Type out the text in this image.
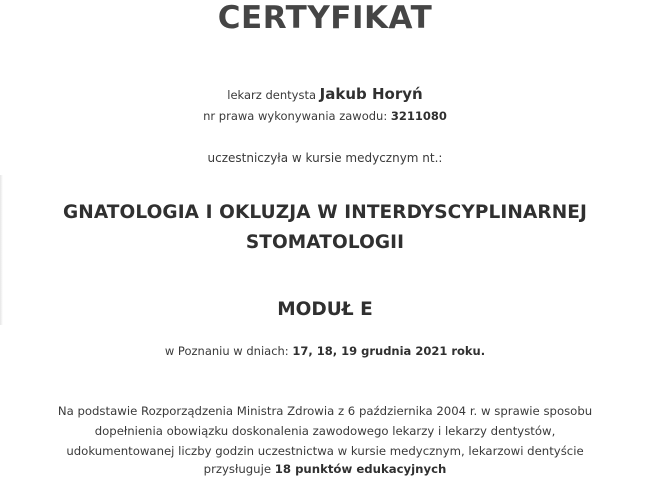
CERTYFIKAT
lekarz dentysta Jakub Horyń
nr prawa wykonywania zawodu: 3211080
uczestniczyła w kursie medycznym nt.:
GNATOLOGIA I OKLUZJA W INTERDYSCYPLINARNEJ
STOMATOLOGII
MODUŁ E
w Poznaniu w dniach: 17, 18, 19 grudnia 2021 roku.
Na podstawie Rozporządzenia Ministra Zdrowia z 6 października 2004 r. w sprawie sposobu
dopełnienia obowiązku doskonalenia zawodowego lekarzy i lekarzy dentystów,
udokumentowanej liczby godzin uczestnictwa w kursie medycznym, lekarzowi dentyście
przysługuje 18 punktów edukacyjnych
